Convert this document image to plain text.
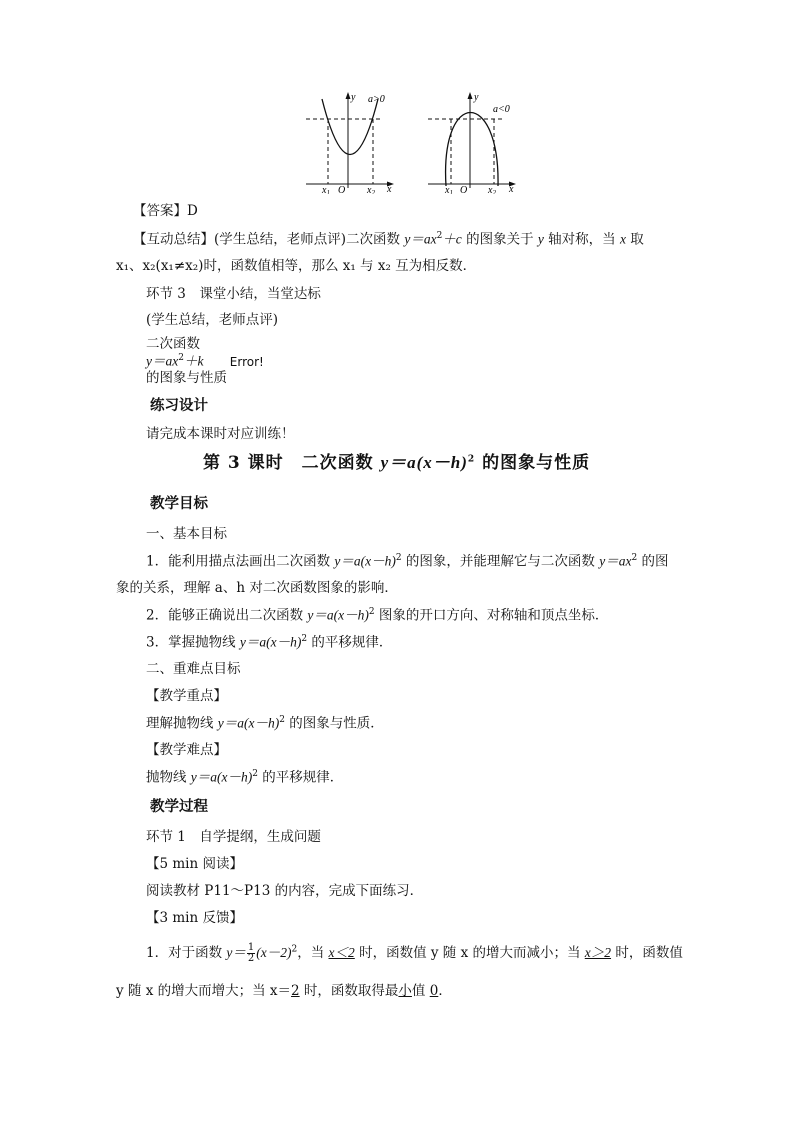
y a>0
x
O
$x_1$	$x_2$
y
a<0
x
O
$x_1$	$x_2$
【答案】D
【互动总结】(学生总结，老师点评)二次函数 $y=ax^2+c$ 的图象关于 y 轴对称，当 x 取
x₁、x₂(x₁≠x₂)时，函数值相等，那么 x₁ 与 x₂ 互为相反数．
环节 3　课堂小结，当堂达标
(学生总结，老师点评)
二次函数
$y=ax^2+k$ Error!
的图象与性质
练习设计
请完成本课时对应训练！
第 3 课时　二次函数 $y=a(x-h)^2$ 的图象与性质
教学目标
一、基本目标
1．能利用描点法画出二次函数 $y=a(x-h)^2$ 的图象，并能理解它与二次函数 $y=ax^2$ 的图
象的关系，理解 a、h 对二次函数图象的影响．
2．能够正确说出二次函数 $y=a(x-h)^2$ 图象的开口方向、对称轴和顶点坐标．
3．掌握抛物线 $y=a(x-h)^2$ 的平移规律．
二、重难点目标
【教学重点】
理解抛物线 $y=a(x-h)^2$ 的图象与性质．
【教学难点】
抛物线 $y=a(x-h)^2$ 的平移规律．
教学过程
环节 1　自学提纲，生成问题
【5 min 阅读】
阅读教材 P11～P13 的内容，完成下面练习．
【3 min 反馈】
1．对于函数 $y= \frac{1}{2} (x-2)^2$，当 x＜2 时，函数值 y 随 x 的增大而减小；当 x＞2 时，函数值
y 随 x 的增大而增大；当 x＝2 时，函数取得最小值 0．
